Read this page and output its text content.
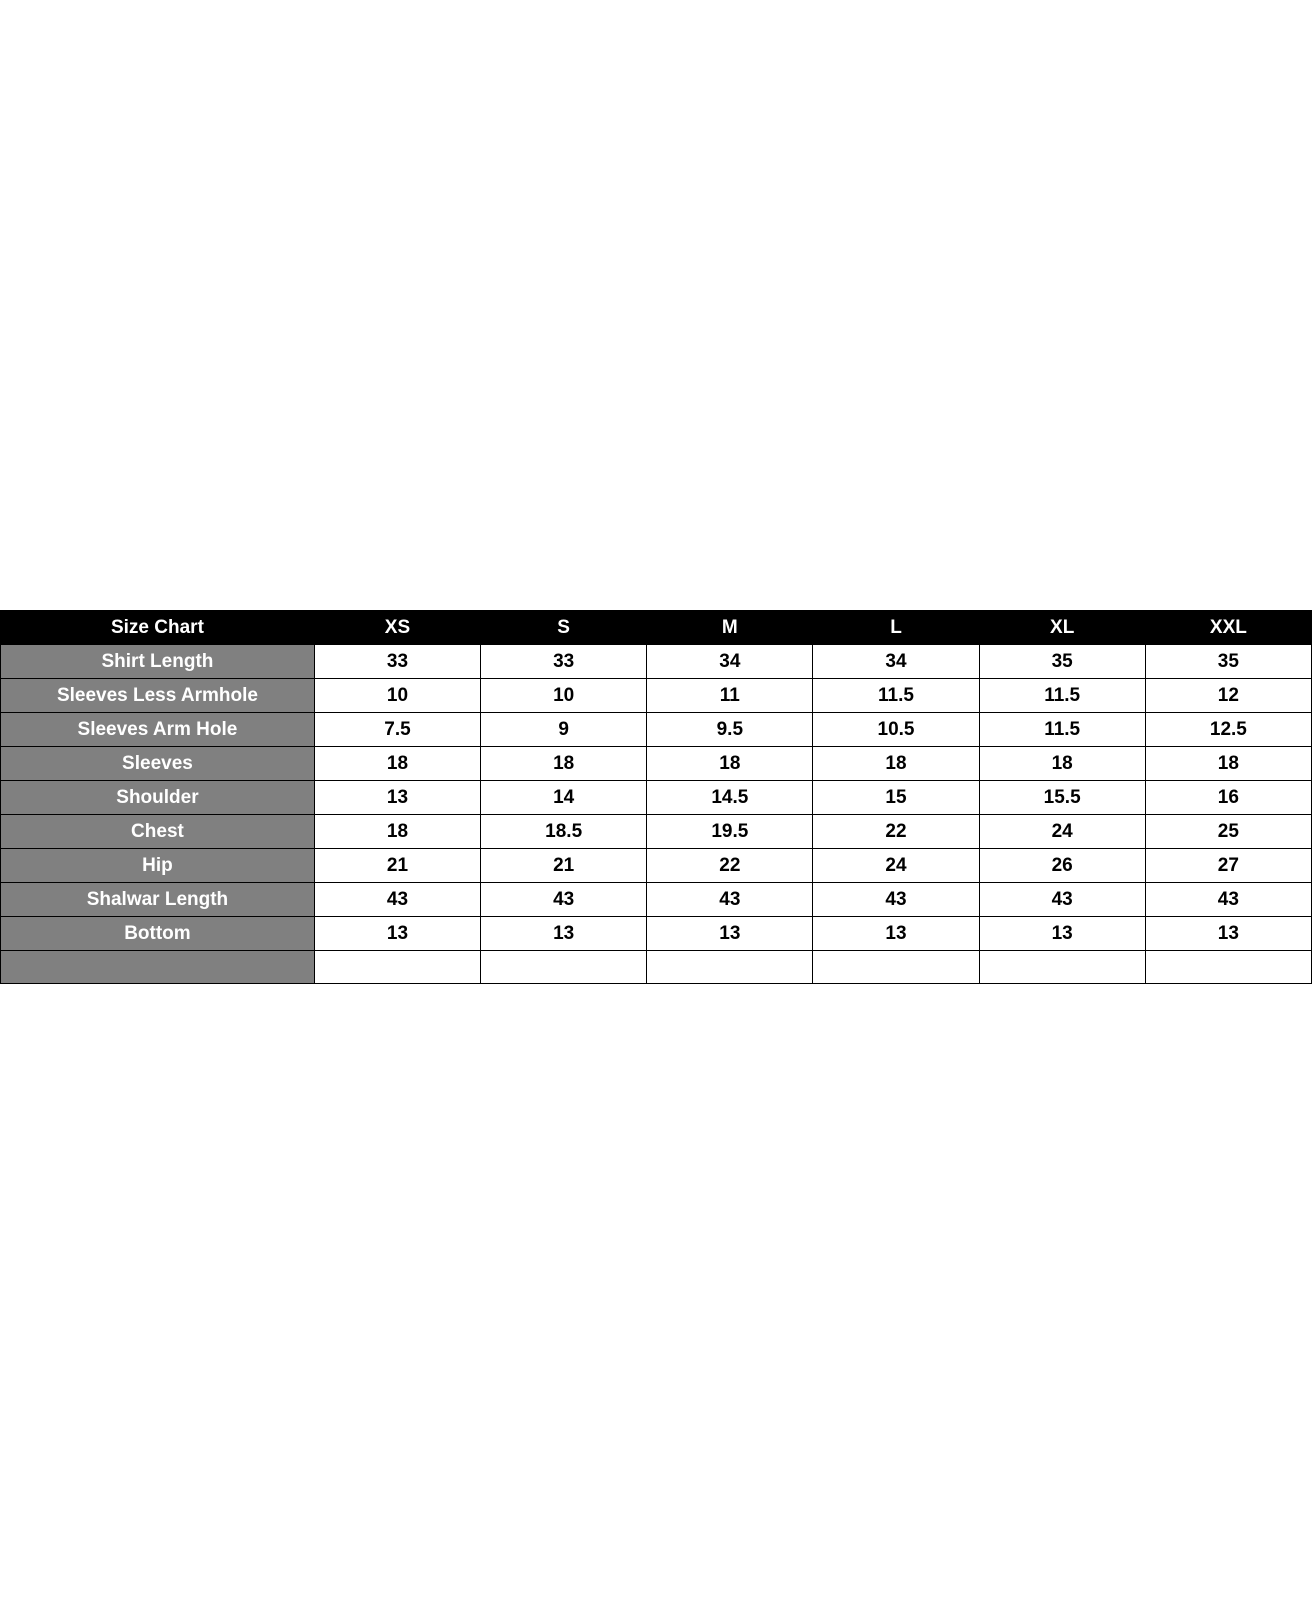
Size Chart	XS	S	M	L	XL	XXL
Shirt Length	33	33	34	34	35	35
Sleeves Less Armhole	10	10	11	11.5	11.5	12
Sleeves Arm Hole	7.5	9	9.5	10.5	11.5	12.5
Sleeves	18	18	18	18	18	18
Shoulder	13	14	14.5	15	15.5	16
Chest	18	18.5	19.5	22	24	25
Hip	21	21	22	24	26	27
Shalwar Length	43	43	43	43	43	43
Bottom	13	13	13	13	13	13
